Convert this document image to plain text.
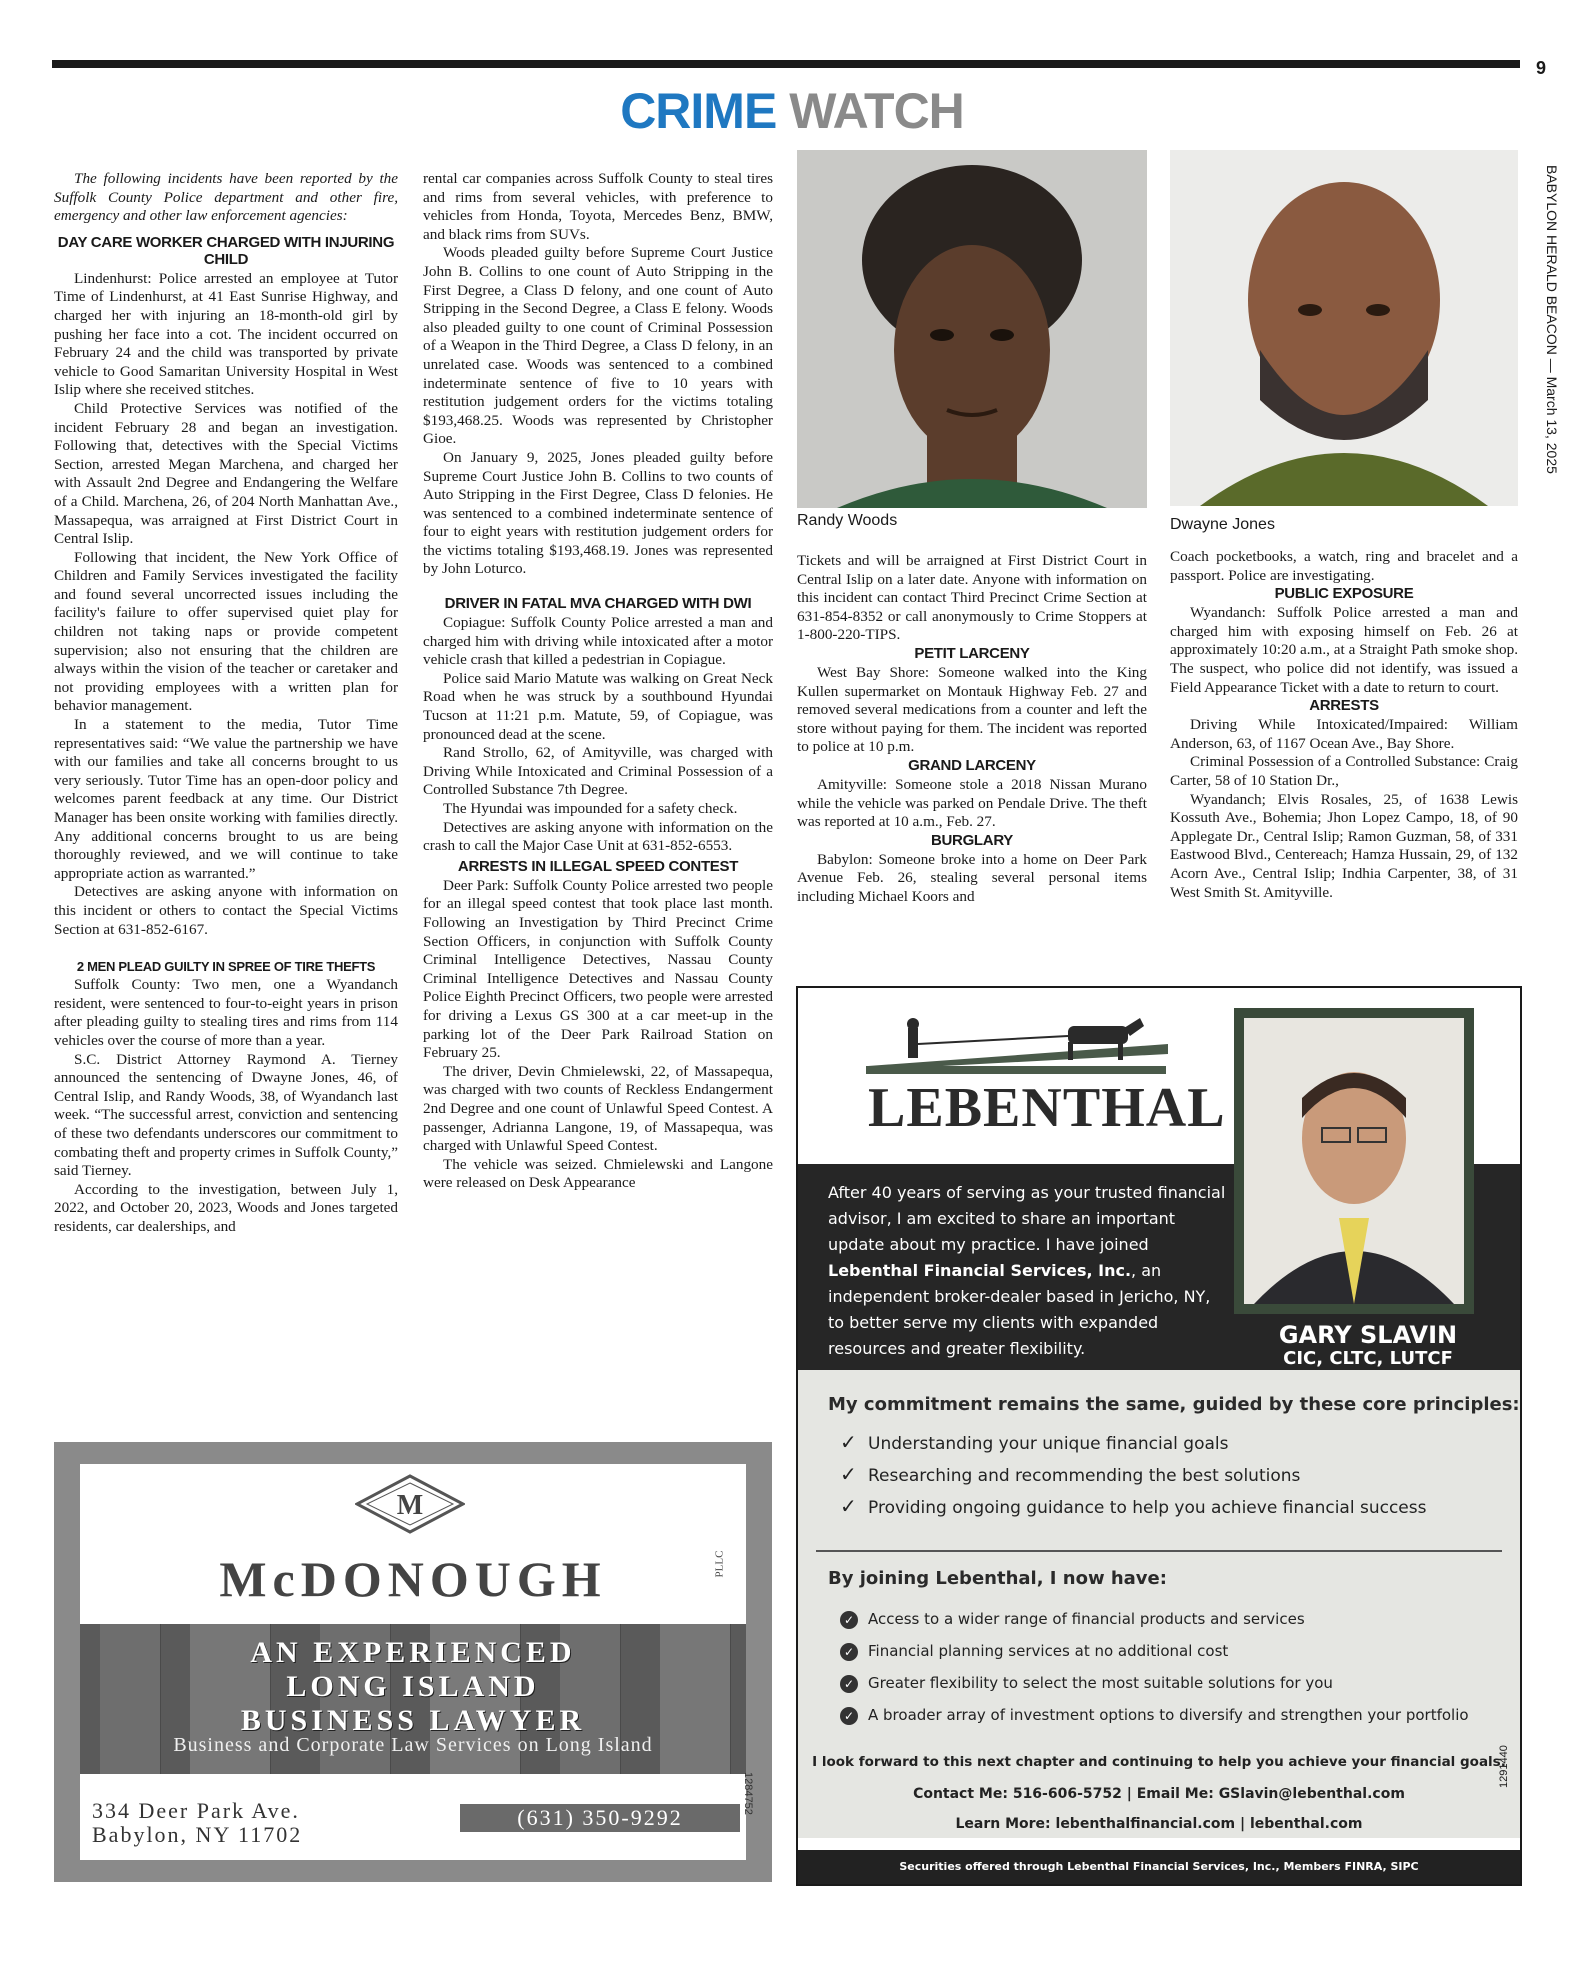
9
CRIME WATCH
BABYLON HERALD BEACON — March 13, 2025

The following incidents have been reported by the Suffolk County Police department and other fire, emergency and other law enforcement agencies:

DAY CARE WORKER CHARGED WITH INJURING CHILD

Lindenhurst: Police arrested an employee at Tutor Time of Lindenhurst, at 41 East Sunrise Highway, and charged her with injuring an 18-month-old girl by pushing her face into a cot. The incident occurred on February 24 and the child was transported by private vehicle to Good Samaritan University Hospital in West Islip where she received stitches.

Child Protective Services was notified of the incident February 28 and began an investigation. Following that, detectives with the Special Victims Section, arrested Megan Marchena, and charged her with Assault 2nd Degree and Endangering the Welfare of a Child. Marchena, 26, of 204 North Manhattan Ave., Massapequa, was arraigned at First District Court in Central Islip.

Following that incident, the New York Office of Children and Family Services investigated the facility and found several uncorrected issues including the facility's failure to offer supervised quiet play for children not taking naps or provide competent supervision; also not ensuring that the children are always within the vision of the teacher or caretaker and not providing employees with a written plan for behavior management.

In a statement to the media, Tutor Time representatives said: “We value the partnership we have with our families and take all concerns brought to us very seriously. Tutor Time has an open-door policy and welcomes parent feedback at any time. Our District Manager has been onsite working with families directly. Any additional concerns brought to us are being thoroughly reviewed, and we will continue to take appropriate action as warranted.”

Detectives are asking anyone with information on this incident or others to contact the Special Victims Section at 631-852-6167.

2 MEN PLEAD GUILTY IN SPREE OF TIRE THEFTS

Suffolk County: Two men, one a Wyandanch resident, were sentenced to four-to-eight years in prison after pleading guilty to stealing tires and rims from 114 vehicles over the course of more than a year.

S.C. District Attorney Raymond A. Tierney announced the sentencing of Dwayne Jones, 46, of Central Islip, and Randy Woods, 38, of Wyandanch last week. “The successful arrest, conviction and sentencing of these two defendants underscores our commitment to combating theft and property crimes in Suffolk County,” said Tierney.

According to the investigation, between July 1, 2022, and October 20, 2023, Woods and Jones targeted residents, car dealerships, and

rental car companies across Suffolk County to steal tires and rims from several vehicles, with preference to vehicles from Honda, Toyota, Mercedes Benz, BMW, and black rims from SUVs.

Woods pleaded guilty before Supreme Court Justice John B. Collins to one count of Auto Stripping in the First Degree, a Class D felony, and one count of Auto Stripping in the Second Degree, a Class E felony. Woods also pleaded guilty to one count of Criminal Possession of a Weapon in the Third Degree, a Class D felony, in an unrelated case. Woods was sentenced to a combined indeterminate sentence of five to 10 years with restitution judgement orders for the victims totaling $193,468.25. Woods was represented by Christopher Gioe.

On January 9, 2025, Jones pleaded guilty before Supreme Court Justice John B. Collins to two counts of Auto Stripping in the First Degree, Class D felonies. He was sentenced to a combined indeterminate sentence of four to eight years with restitution judgement orders for the victims totaling $193,468.19. Jones was represented by John Loturco.

DRIVER IN FATAL MVA CHARGED WITH DWI

Copiague: Suffolk County Police arrested a man and charged him with driving while intoxicated after a motor vehicle crash that killed a pedestrian in Copiague.

Police said Mario Matute was walking on Great Neck Road when he was struck by a southbound Hyundai Tucson at 11:21 p.m. Matute, 59, of Copiague, was pronounced dead at the scene.

Rand Strollo, 62, of Amityville, was charged with Driving While Intoxicated and Criminal Possession of a Controlled Substance 7th Degree.

The Hyundai was impounded for a safety check.

Detectives are asking anyone with information on the crash to call the Major Case Unit at 631-852-6553.

ARRESTS IN ILLEGAL SPEED CONTEST

Deer Park: Suffolk County Police arrested two people for an illegal speed contest that took place last month. Following an Investigation by Third Precinct Crime Section Officers, in conjunction with Suffolk County Criminal Intelligence Detectives, Nassau County Criminal Intelligence Detectives and Nassau County Police Eighth Precinct Officers, two people were arrested for driving a Lexus GS 300 at a car meet-up in the parking lot of the Deer Park Railroad Station on February 25.

The driver, Devin Chmielewski, 22, of Massapequa, was charged with two counts of Reckless Endangerment 2nd Degree and one count of Unlawful Speed Contest. A passenger, Adrianna Langone, 19, of Massapequa, was charged with Unlawful Speed Contest.

The vehicle was seized. Chmielewski and Langone were released on Desk Appearance

Randy Woods	Dwayne Jones

Tickets and will be arraigned at First District Court in Central Islip on a later date. Anyone with information on this incident can contact Third Precinct Crime Section at 631-854-8352 or call anonymously to Crime Stoppers at 1-800-220-TIPS.

PETIT LARCENY

West Bay Shore: Someone walked into the King Kullen supermarket on Montauk Highway Feb. 27 and removed several medications from a counter and left the store without paying for them. The incident was reported to police at 10 p.m.

GRAND LARCENY

Amityville: Someone stole a 2018 Nissan Murano while the vehicle was parked on Pendale Drive. The theft was reported at 10 a.m., Feb. 27.

BURGLARY

Babylon: Someone broke into a home on Deer Park Avenue Feb. 26, stealing several personal items including Michael Koors and

Coach pocketbooks, a watch, ring and bracelet and a passport. Police are investigating.

PUBLIC EXPOSURE

Wyandanch: Suffolk Police arrested a man and charged him with exposing himself on Feb. 26 at approximately 10:20 a.m., at a Straight Path smoke shop. The suspect, who police did not identify, was issued a Field Appearance Ticket with a date to return to court.

ARRESTS

Driving While Intoxicated/Impaired: William Anderson, 63, of 1167 Ocean Ave., Bay Shore.

Criminal Possession of a Controlled Substance: Craig Carter, 58 of 10 Station Dr.,

Wyandanch; Elvis Rosales, 25, of 1638 Lewis Kossuth Ave., Bohemia; Jhon Lopez Campo, 18, of 90 Applegate Dr., Central Islip; Ramon Guzman, 58, of 331 Eastwood Blvd., Centereach; Hamza Hussain, 29, of 132 Acorn Ave., Central Islip; Indhia Carpenter, 38, of 31 West Smith St. Amityville.

M
McDONOUGH	PLLC
AN EXPERIENCED
LONG ISLAND
BUSINESS LAWYER
Business and Corporate Law Services on Long Island
334 Deer Park Ave.
Babylon, NY 11702
(631) 350-9292
1284752
LEBENTHAL
After 40 years of serving as your trusted financial advisor, I am excited to share an important update about my practice. I have joined Lebenthal Financial Services, Inc., an independent broker-dealer based in Jericho, NY, to better serve my clients with expanded resources and greater flexibility.	GARY SLAVIN
CIC, CLTC, LUTCF
My commitment remains the same, guided by these core principles:
✓ Understanding your unique financial goals
✓ Researching and recommending the best solutions
✓ Providing ongoing guidance to help you achieve financial success
By joining Lebenthal, I now have:
✓ Access to a wider range of financial products and services
✓ Financial planning services at no additional cost
✓ Greater flexibility to select the most suitable solutions for you
✓ A broader array of investment options to diversify and strengthen your portfolio
I look forward to this next chapter and continuing to help you achieve your financial goals.
Contact Me: 516-606-5752 | Email Me: GSlavin@lebenthal.com
Learn More: lebenthalfinancial.com | lebenthal.com
Securities offered through Lebenthal Financial Services, Inc., Members FINRA, SIPC
1291440
